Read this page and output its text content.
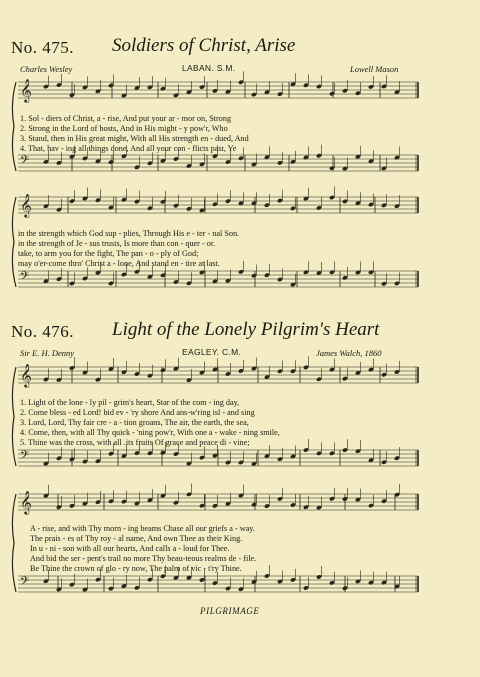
No. 475. Soldiers of Christ, Arise
Charles Wesley	LABAN. S.M.	Lowell Mason
No. 476. Light of the Lonely Pilgrim's Heart
Sir E. H. Denny	EAGLEY. C.M.	James Walch, 1860
𝄞
𝄢
𝄞
𝄢
𝄞
𝄢
𝄞
𝄢
1. Sol - diers of Christ, a - rise, And put your ar - mor on, Strong
2. Strong in the Lord of hosts, And in His might - y pow'r, Who
3. Stand, then in His great might, With all His strength en - dued, And
4. That, hav - ing all things done, And all your con - flicts past, Ye
in the strength which God sup - plies, Through His e - ter - nal Son.
in the strength of Je - sus trusts, Is more than con - quer - or.
take, to arm you for the fight, The pan - o - ply of God;
may o'er-come thro' Christ a - lone, And stand en - tire at last.
1. Light of the lone - ly pil - grim's heart, Star of the com - ing day,
2. Come bless - ed Lord! bid ev - 'ry shore And ans-w'ring isl - and sing
3. Lord, Lord, Thy fair cre - a - tion groans, The air, the earth, the sea,
4. Come, then, with all Thy quick - 'ning pow'r, With one a - wake - ning smile,
5. Thine was the cross, with all .its fruits Of grace and peace di - vine;
A - rise, and with Thy morn - ing beams Chase all our griefs a - way.
The prais - es of Thy roy - al name, And own Thee as their King.
In u - ni - son with all our hearts, And calls a - loud for Thee.
And bid the ser - pent's trail no more Thy beau-teous realms de - file.
Be Thine the crown of glo - ry now, The palm of vic - t'ry Thine.
PILGRIMAGE
